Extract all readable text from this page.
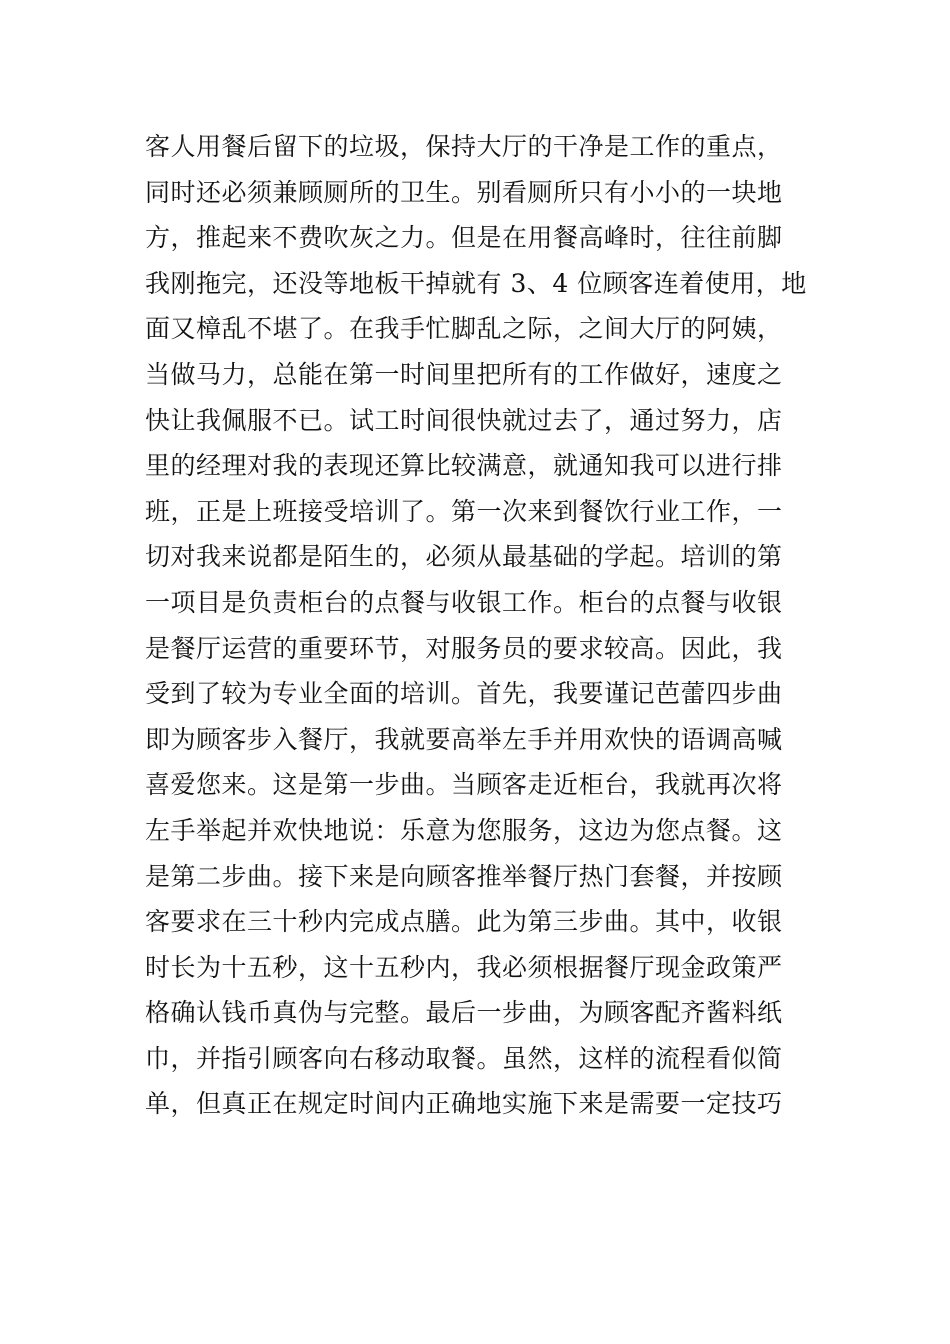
客人用餐后留下的垃圾，保持大厅的干净是工作的重点，
同时还必须兼顾厕所的卫生。别看厕所只有小小的一块地
方，推起来不费吹灰之力。但是在用餐高峰时，往往前脚
我刚拖完，还没等地板干掉就有 3、4 位顾客连着使用，地
面又樟乱不堪了。在我手忙脚乱之际，之间大厅的阿姨，
当做马力，总能在第一时间里把所有的工作做好，速度之
快让我佩服不已。试工时间很快就过去了，通过努力，店
里的经理对我的表现还算比较满意，就通知我可以进行排
班，正是上班接受培训了。第一次来到餐饮行业工作，一
切对我来说都是陌生的，必须从最基础的学起。培训的第
一项目是负责柜台的点餐与收银工作。柜台的点餐与收银
是餐厅运营的重要环节，对服务员的要求较高。因此，我
受到了较为专业全面的培训。首先，我要谨记芭蕾四步曲
即为顾客步入餐厅，我就要高举左手并用欢快的语调高喊
喜爱您来。这是第一步曲。当顾客走近柜台，我就再次将
左手举起并欢快地说：乐意为您服务，这边为您点餐。这
是第二步曲。接下来是向顾客推举餐厅热门套餐，并按顾
客要求在三十秒内完成点膳。此为第三步曲。其中，收银
时长为十五秒，这十五秒内，我必须根据餐厅现金政策严
格确认钱币真伪与完整。最后一步曲，为顾客配齐酱料纸
巾，并指引顾客向右移动取餐。虽然，这样的流程看似简
单，但真正在规定时间内正确地实施下来是需要一定技巧
